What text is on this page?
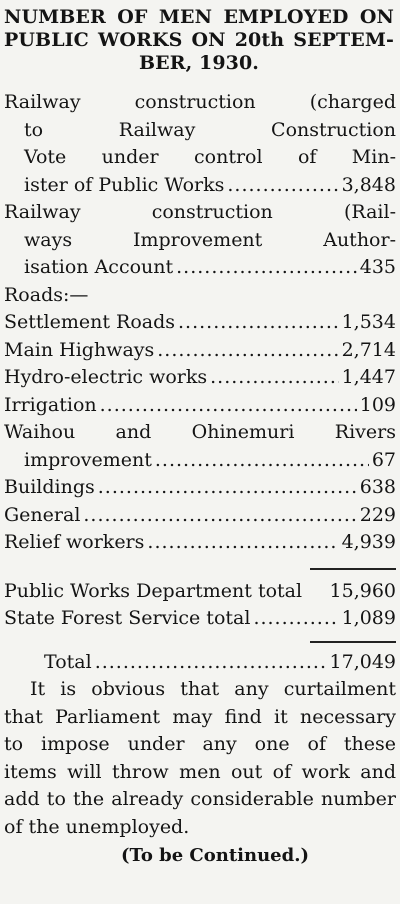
NUMBER OF MEN EMPLOYED ON
PUBLIC WORKS ON 20th SEPTEM-
BER, 1930.
Railway construction (charged
to Railway Construction
Vote under control of Min-
ister of Public Works .....	3,848
Railway construction (Rail-
ways Improvement Author-
isation Account .....	435
Roads:—
Settlement Roads .....	1,534
Main Highways .....	2,714
Hydro-electric works .....	1,447
Irrigation .....	109
Waihou and Ohinemuri Rivers
improvement .....	67
Buildings .....	638
General .....	229
Relief workers .....	4,939
Public Works Department total 15,960
State Forest Service total .....	1,089
Total .....	17,049
It is obvious that any curtailment
that Parliament may find it necessary
to impose under any one of these
items will throw men out of work and
add to the already considerable number
of the unemployed.
(To be Continued.)
